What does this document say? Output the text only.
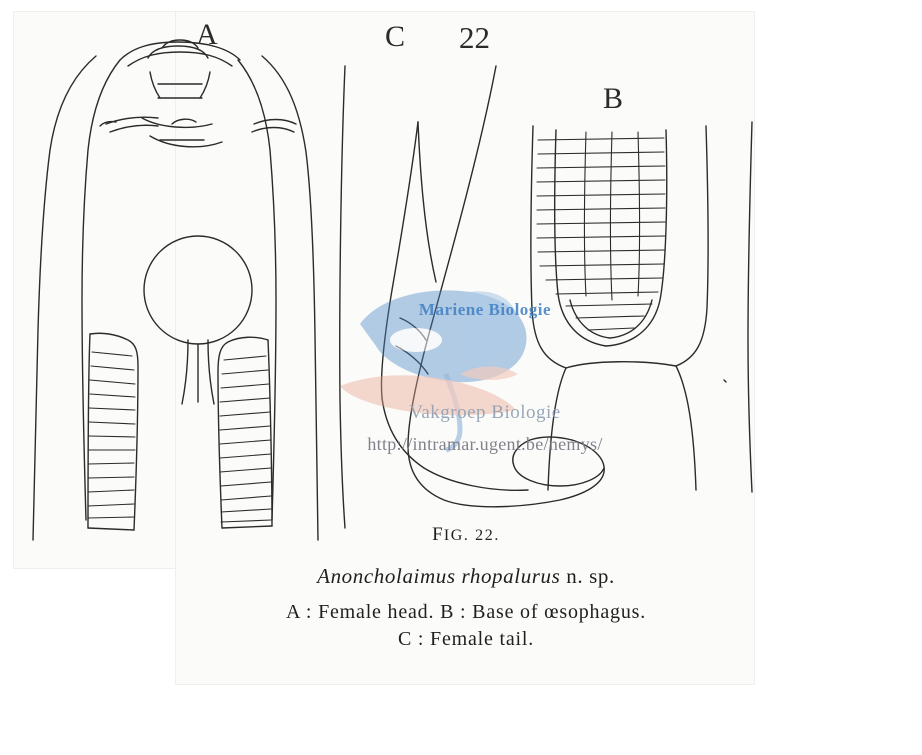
A	C
B
22
Mariene Biologie
Vakgroep Biologie
http://intramar.ugent.be/nemys/
FIG. 22.
Anoncholaimus rhopalurus n. sp.
A : Female head. B : Base of œsophagus.
C : Female tail.
